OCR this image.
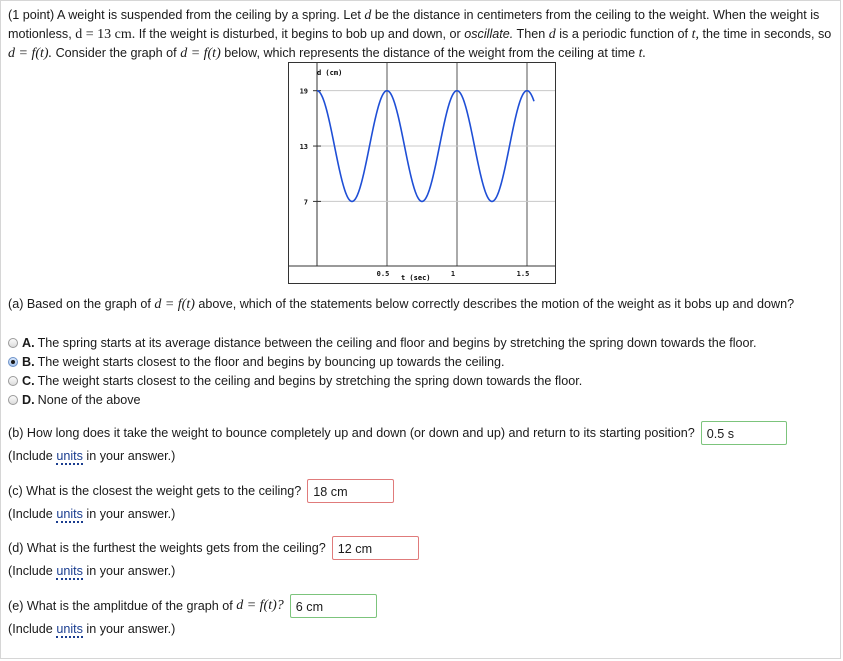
(1 point) A weight is suspended from the ceiling by a spring. Let d be the distance in centimeters from the ceiling to the weight. When the weight is motionless, d = 13 cm. If the weight is disturbed, it begins to bob up and down, or oscillate. Then d is a periodic function of t, the time in seconds, so d = f(t). Consider the graph of d = f(t) below, which represents the distance of the weight from the ceiling at time t.
19
13
7
0.5	1	1.5
d (cm)
t (sec)
(a) Based on the graph of d = f(t) above, which of the statements below correctly describes the motion of the weight as it bobs up and down?
A. The spring starts at its average distance between the ceiling and floor and begins by stretching the spring down towards the floor.
B. The weight starts closest to the floor and begins by bouncing up towards the ceiling.
C. The weight starts closest to the ceiling and begins by stretching the spring down towards the floor.
D. None of the above
(b) How long does it take the weight to bounce completely up and down (or down and up) and return to its starting position? 0.5 s
(Include units in your answer.)
(c) What is the closest the weight gets to the ceiling? 18 cm
(Include units in your answer.)
(d) What is the furthest the weights gets from the ceiling? 12 cm
(Include units in your answer.)
(e) What is the amplitdue of the graph of
d = f(t)? 6 cm
(Include units in your answer.)
